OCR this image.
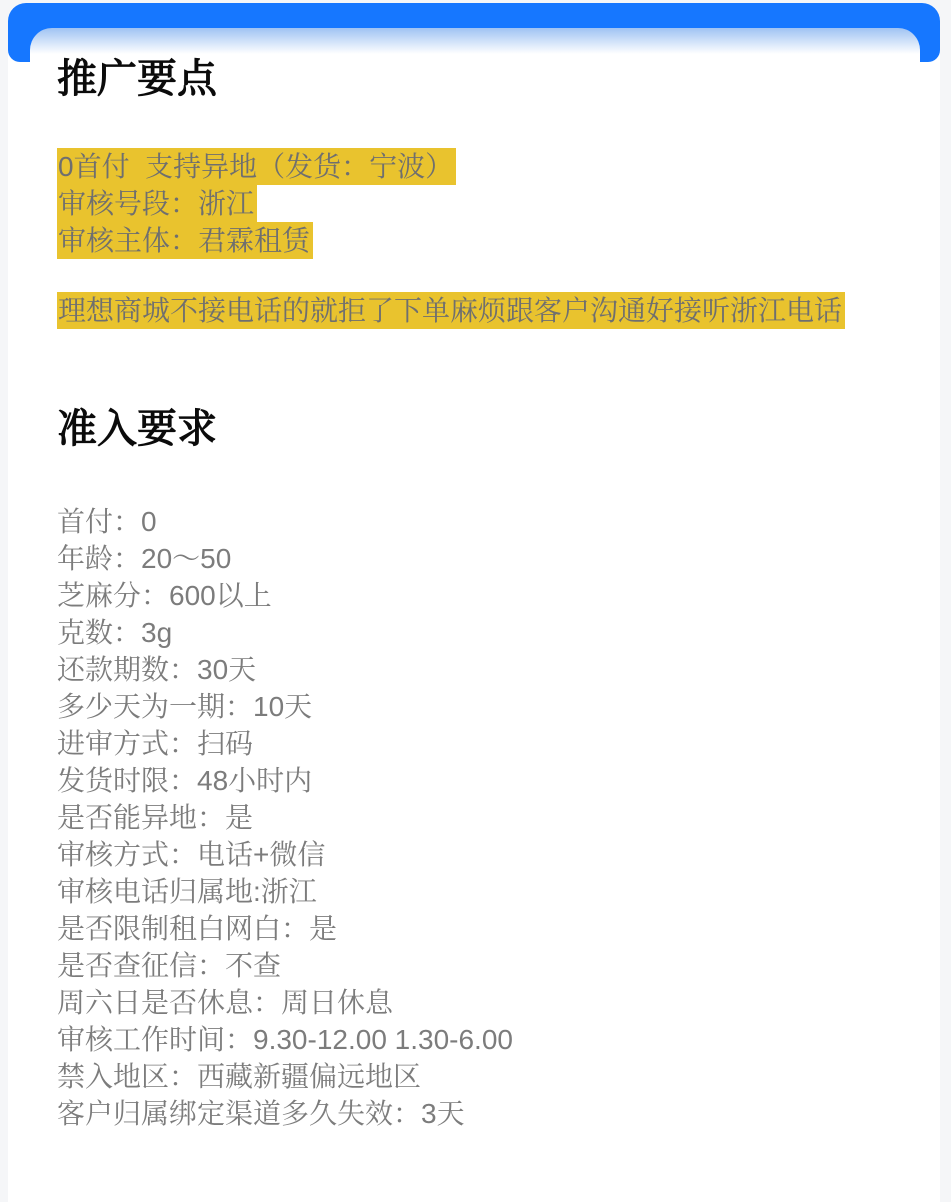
推广要点
0首付  支持异地（发货：宁波）
审核号段：浙江
审核主体：君霖租赁

理想商城不接电话的就拒了下单麻烦跟客户沟通好接听浙江电话

准入要求
首付：0
年龄：20～50
芝麻分：600以上
克数：3g
还款期数：30天
多少天为一期：10天
进审方式：扫码
发货时限：48小时内
是否能异地：是
审核方式：电话+微信
审核电话归属地:浙江
是否限制租白网白：是
是否查征信：不查
周六日是否休息：周日休息
审核工作时间：9.30-12.00 1.30-6.00
禁入地区：西藏新疆偏远地区
客户归属绑定渠道多久失效：3天
